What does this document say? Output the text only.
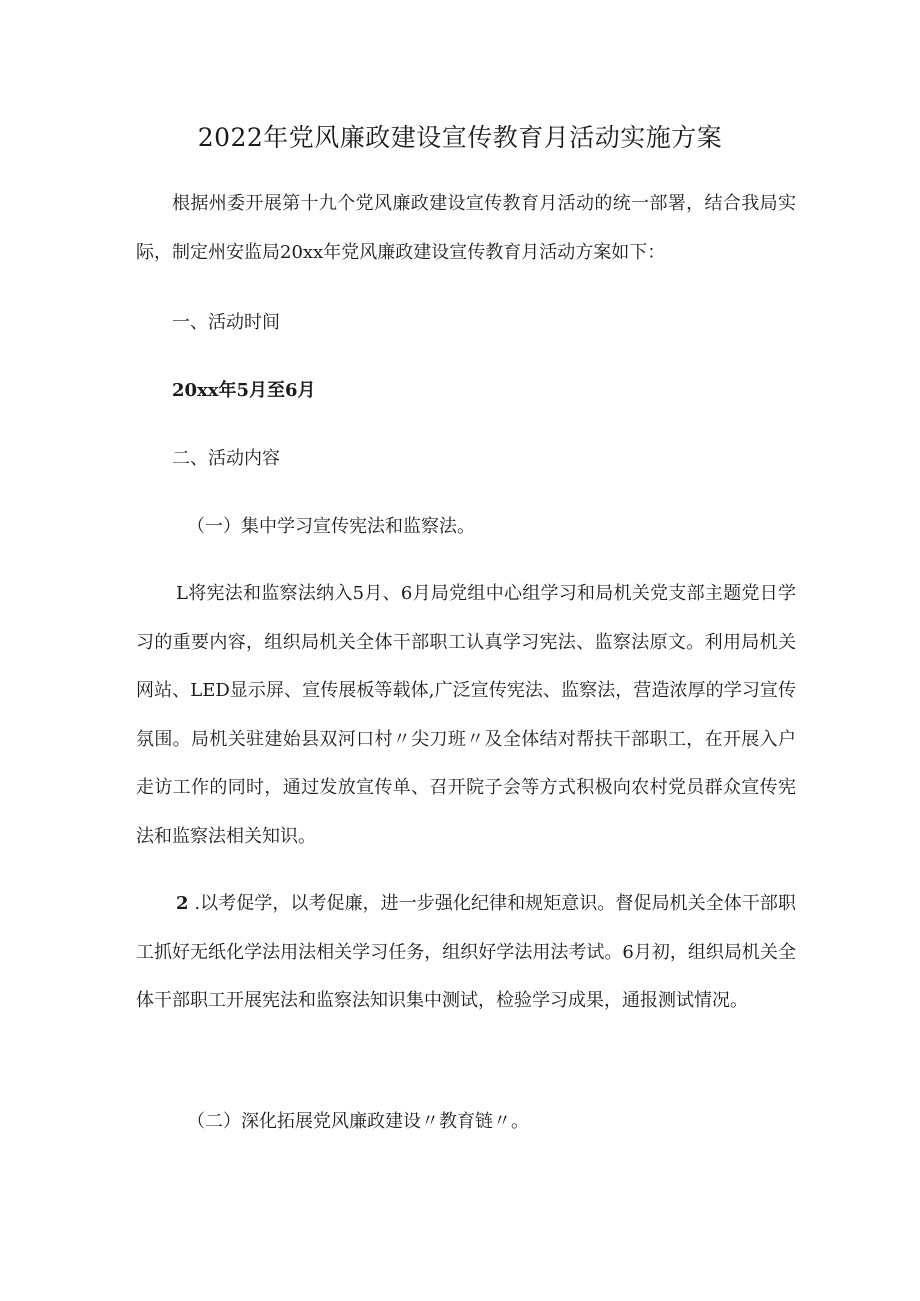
2022年党风廉政建设宣传教育月活动实施方案

根据州委开展第十九个党风廉政建设宣传教育月活动的统一部署，结合我局实际，制定州安监局20xx年党风廉政建设宣传教育月活动方案如下：

一、活动时间
20xx年5月至6月
二、活动内容
（一）集中学习宣传宪法和监察法。

L将宪法和监察法纳入5月、6月局党组中心组学习和局机关党支部主题党日学习的重要内容，组织局机关全体干部职工认真学习宪法、监察法原文。利用局机关网站、LED显示屏、宣传展板等载体,广泛宣传宪法、监察法，营造浓厚的学习宣传氛围。局机关驻建始县双河口村〃尖刀班〃及全体结对帮扶干部职工，在开展入户走访工作的同时，通过发放宣传单、召开院子会等方式积极向农村党员群众宣传宪法和监察法相关知识。

2 .以考促学，以考促廉，进一步强化纪律和规矩意识。督促局机关全体干部职工抓好无纸化学法用法相关学习任务，组织好学法用法考试。6月初，组织局机关全体干部职工开展宪法和监察法知识集中测试，检验学习成果，通报测试情况。

（二）深化拓展党风廉政建设〃教育链〃。
